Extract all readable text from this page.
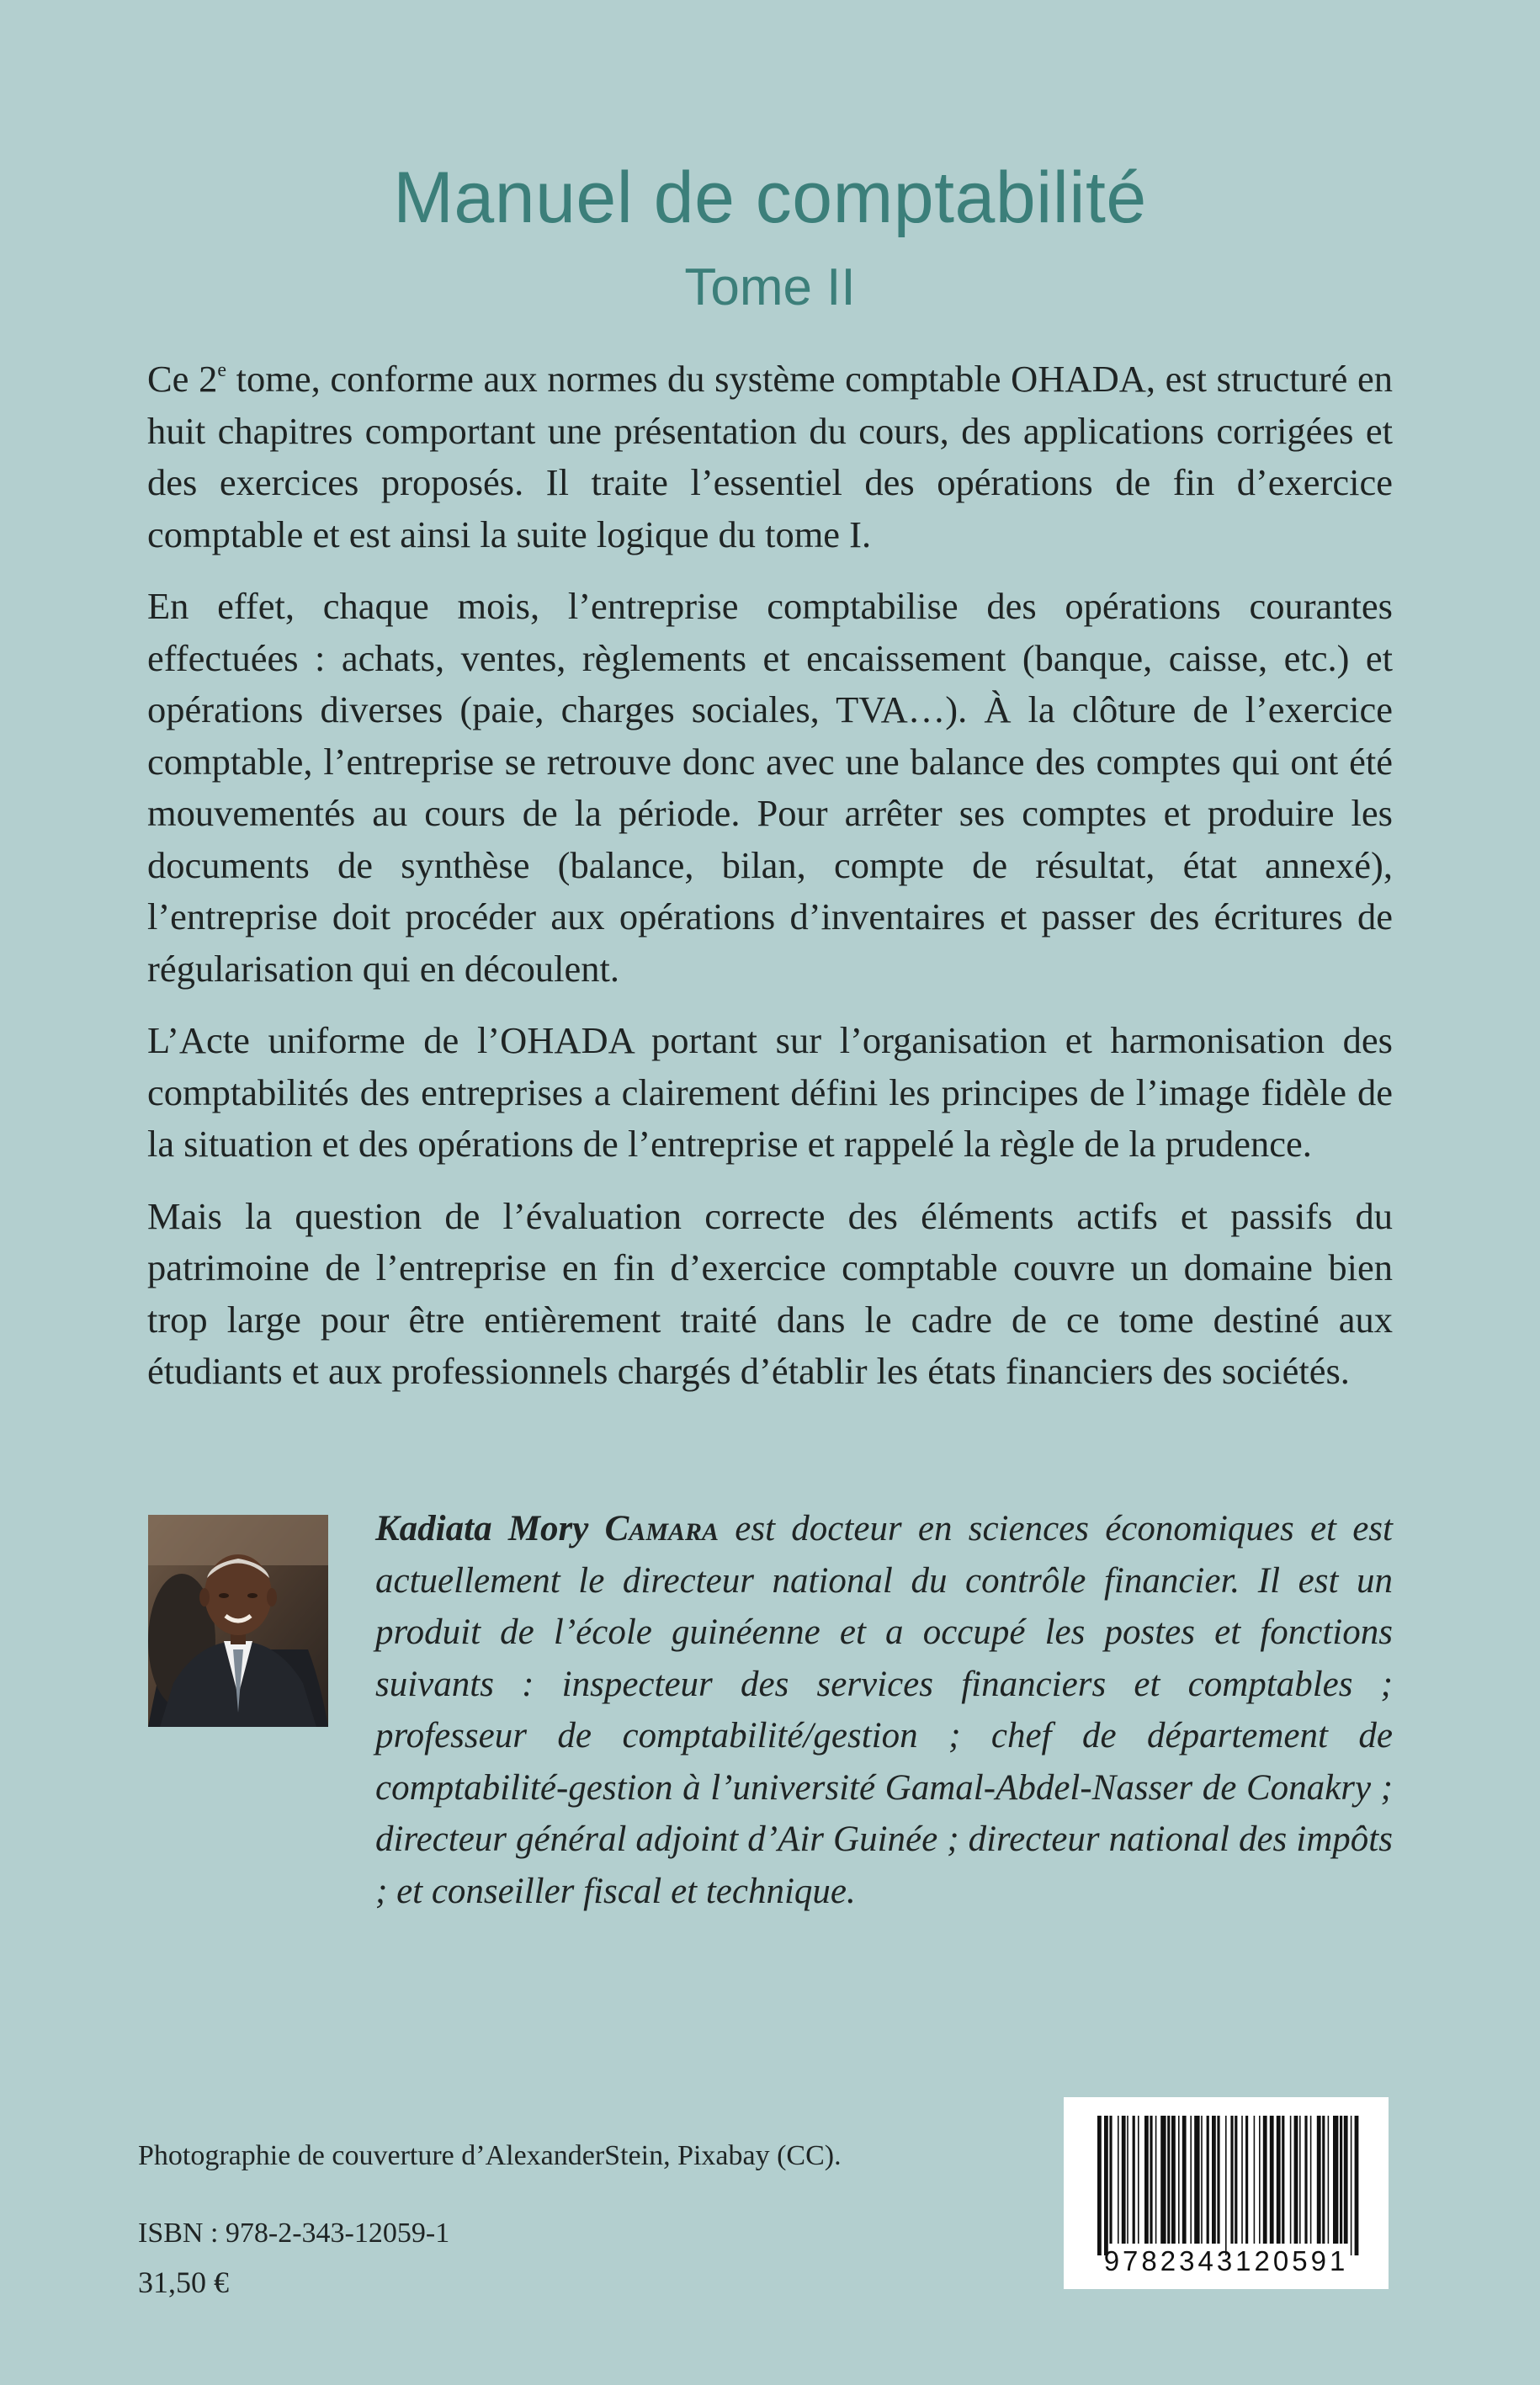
Manuel de comptabilité
Tome II

Ce 2e tome, conforme aux normes du système comptable OHADA, est structuré en huit chapitres comportant une présentation du cours, des applications corrigées et des exercices proposés. Il traite l’essentiel des opérations de fin d’exercice comptable et est ainsi la suite logique du tome I.

En effet, chaque mois, l’entreprise comptabilise des opérations courantes effectuées : achats, ventes, règlements et encaissement (banque, caisse, etc.) et opérations diverses (paie, charges sociales, TVA…). À la clôture de l’exercice comptable, l’entreprise se retrouve donc avec une balance des comptes qui ont été mouvementés au cours de la période. Pour arrêter ses comptes et produire les documents de synthèse (balance, bilan, compte de résultat, état annexé), l’entreprise doit procéder aux opérations d’inventaires et passer des écritures de régularisation qui en découlent.

L’Acte uniforme de l’OHADA portant sur l’organisation et harmonisation des comptabilités des entreprises a clairement défini les principes de l’image fidèle de la situation et des opérations de l’entreprise et rappelé la règle de la prudence.

Mais la question de l’évaluation correcte des éléments actifs et passifs du patrimoine de l’entreprise en fin d’exercice comptable couvre un domaine bien trop large pour être entièrement traité dans le cadre de ce tome destiné aux étudiants et aux professionnels chargés d’établir les états financiers des sociétés.

Kadiata Mory Camara est docteur en sciences économiques et est actuellement le directeur national du contrôle financier. Il est un produit de l’école guinéenne et a occupé les postes et fonctions suivants : inspecteur des services financiers et comptables ; professeur de comptabilité/gestion ; chef de département de comptabilité-gestion à l’université Gamal-Abdel-Nasser de Conakry ; directeur général adjoint d’Air Guinée ; directeur national des impôts ; et conseiller fiscal et technique.
Photographie de couverture d’AlexanderStein, Pixabay (CC).
ISBN : 978-2-343-12059-1
31,50 €
9782343120591
